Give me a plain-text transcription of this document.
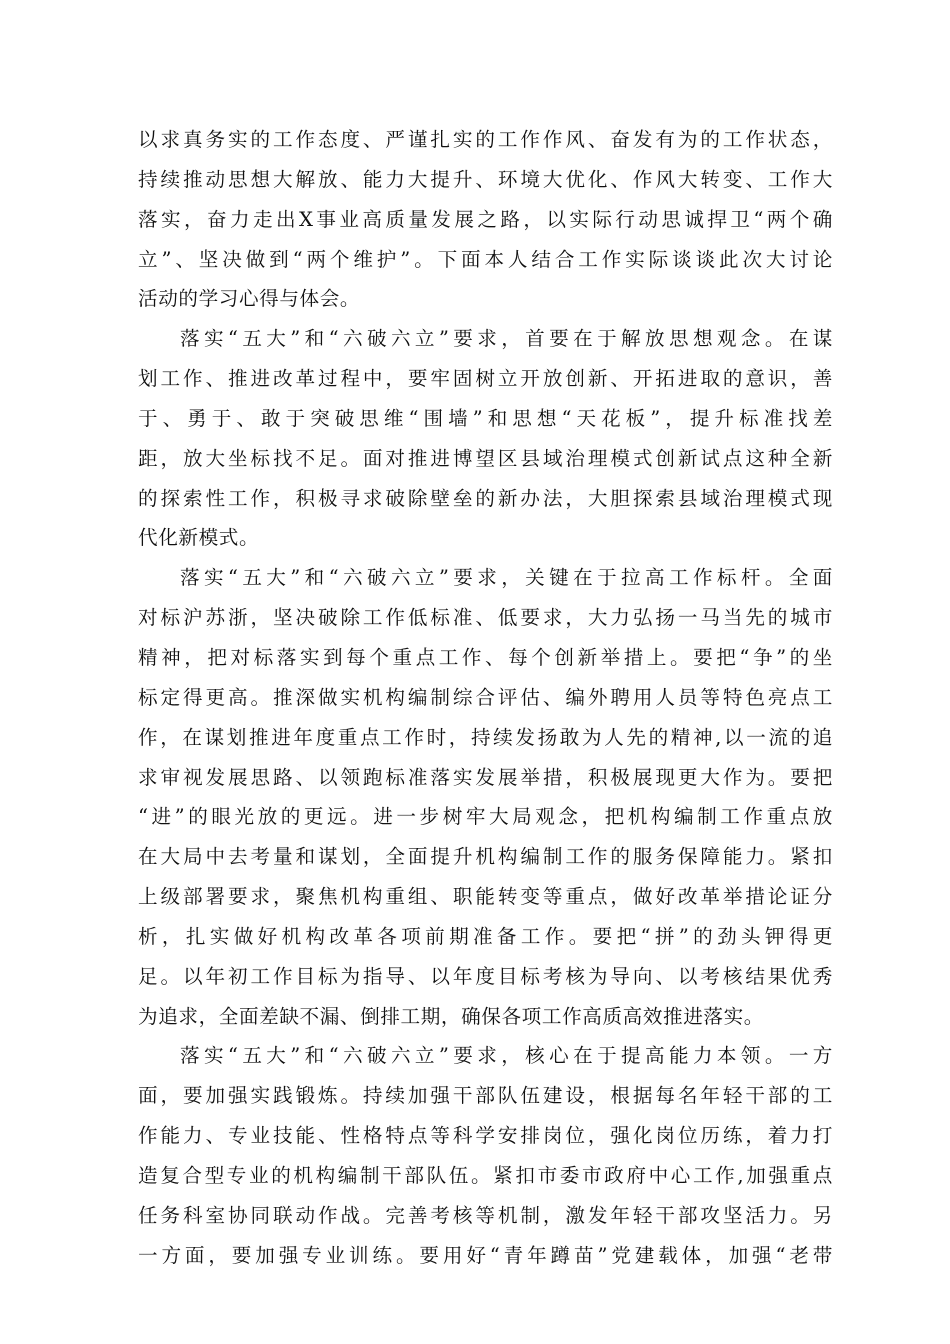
以求真务实的工作态度、严谨扎实的工作作风、奋发有为的工作状态，
持续推动思想大解放、能力大提升、环境大优化、作风大转变、工作大
落实，奋力走出X事业高质量发展之路，以实际行动思诚捍卫“两个确
立”、坚决做到“两个维护”。下面本人结合工作实际谈谈此次大讨论
活动的学习心得与体会。
落实“五大”和“六破六立”要求，首要在于解放思想观念。在谋
划工作、推进改革过程中，要牢固树立开放创新、开拓进取的意识，善
于、勇于、敢于突破思维“围墙”和思想“天花板”，提升标准找差
距，放大坐标找不足。面对推进博望区县域治理模式创新试点这种全新
的探索性工作，积极寻求破除壁垒的新办法，大胆探索县域治理模式现
代化新模式。
落实“五大”和“六破六立”要求，关键在于拉高工作标杆。全面
对标沪苏浙，坚决破除工作低标准、低要求，大力弘扬一马当先的城市
精神，把对标落实到每个重点工作、每个创新举措上。要把“争”的坐
标定得更高。推深做实机构编制综合评估、编外聘用人员等特色亮点工
作，在谋划推进年度重点工作时，持续发扬敢为人先的精神,以一流的追
求审视发展思路、以领跑标准落实发展举措，积极展现更大作为。要把
“进”的眼光放的更远。进一步树牢大局观念，把机构编制工作重点放
在大局中去考量和谋划，全面提升机构编制工作的服务保障能力。紧扣
上级部署要求，聚焦机构重组、职能转变等重点，做好改革举措论证分
析，扎实做好机构改革各项前期准备工作。要把“拼”的劲头钾得更
足。以年初工作目标为指导、以年度目标考核为导向、以考核结果优秀
为追求，全面差缺不漏、倒排工期，确保各项工作高质高效推进落实。
落实“五大”和“六破六立”要求，核心在于提高能力本领。一方
面，要加强实践锻炼。持续加强干部队伍建设，根据每名年轻干部的工
作能力、专业技能、性格特点等科学安排岗位，强化岗位历练，着力打
造复合型专业的机构编制干部队伍。紧扣市委市政府中心工作,加强重点
任务科室协同联动作战。完善考核等机制，激发年轻干部攻坚活力。另
一方面，要加强专业训练。要用好“青年蹲苗”党建载体，加强“老带
